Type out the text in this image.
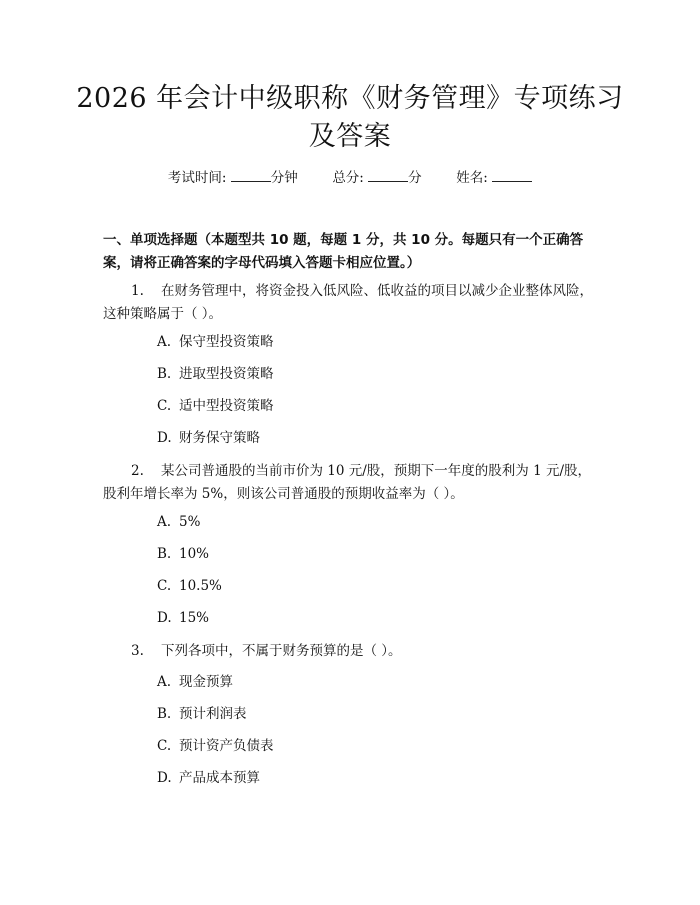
2026 年会计中级职称《财务管理》专项练习
及答案
考试时间:	分钟	总分:	分	姓名:
一、单项选择题（本题型共 10 题，每题 1 分，共 10 分。每题只有一个正确答案，请将正确答案的字母代码填入答题卡相应位置。）
1. 在财务管理中，将资金投入低风险、低收益的项目以减少企业整体风险，
这种策略属于（ ）。
A. 保守型投资策略
B. 进取型投资策略
C. 适中型投资策略
D. 财务保守策略
2. 某公司普通股的当前市价为 10 元/股，预期下一年度的股利为 1 元/股，
股利年增长率为 5%，则该公司普通股的预期收益率为（ ）。
A. 5%
B. 10%
C. 10.5%
D. 15%
3. 下列各项中，不属于财务预算的是（ ）。
A. 现金预算
B. 预计利润表
C. 预计资产负债表
D. 产品成本预算
